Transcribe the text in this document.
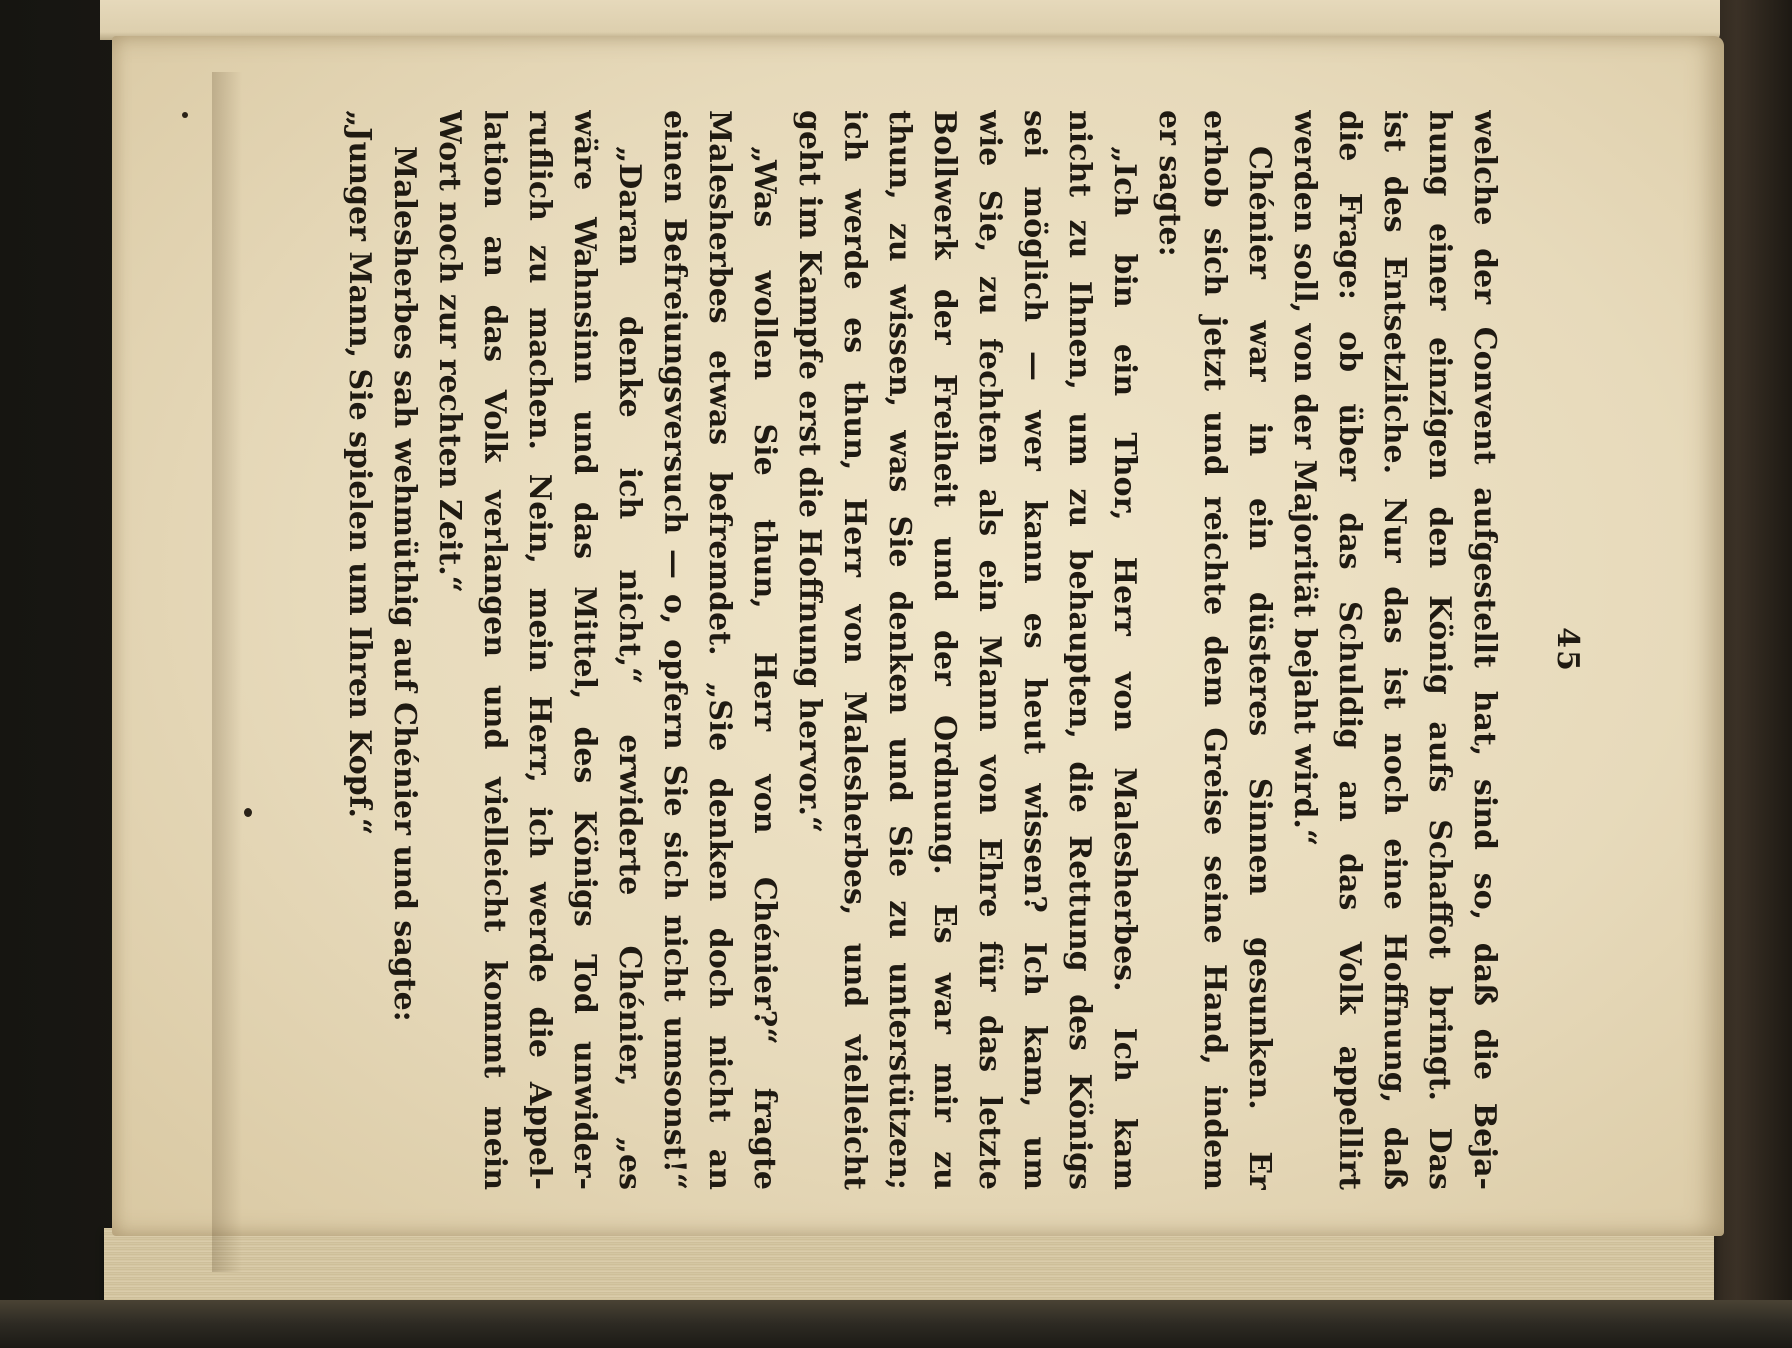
45
welche der Convent aufgestellt hat, sind so, daß die Beja-
hung einer einzigen den König aufs Schaffot bringt. Das
ist des Entsetzliche. Nur das ist noch eine Hoffnung, daß
die Frage: ob über das Schuldig an das Volk appellirt
werden soll, von der Majorität bejaht wird.“
Chénier war in ein düsteres Sinnen gesunken. Er
erhob sich jetzt und reichte dem Greise seine Hand, indem
er sagte:
„Ich bin ein Thor, Herr von Malesherbes. Ich kam
nicht zu Ihnen, um zu behaupten, die Rettung des Königs
sei möglich — wer kann es heut wissen? Ich kam, um
wie Sie, zu fechten als ein Mann von Ehre für das letzte
Bollwerk der Freiheit und der Ordnung. Es war mir zu
thun, zu wissen, was Sie denken und Sie zu unterstützen;
ich werde es thun, Herr von Malesherbes, und vielleicht
geht im Kampfe erst die Hoffnung hervor.“
„Was wollen Sie thun, Herr von Chénier?“ fragte
Malesherbes etwas befremdet. „Sie denken doch nicht an
einen Befreiungsversuch — o, opfern Sie sich nicht umsonst!“
„Daran denke ich nicht,“ erwiderte Chénier, „es
wäre Wahnsinn und das Mittel, des Königs Tod unwider-
ruflich zu machen. Nein, mein Herr, ich werde die Appel-
lation an das Volk verlangen und vielleicht kommt mein
Wort noch zur rechten Zeit.“
Malesherbes sah wehmüthig auf Chénier und sagte:
„Junger Mann, Sie spielen um Ihren Kopf.“
